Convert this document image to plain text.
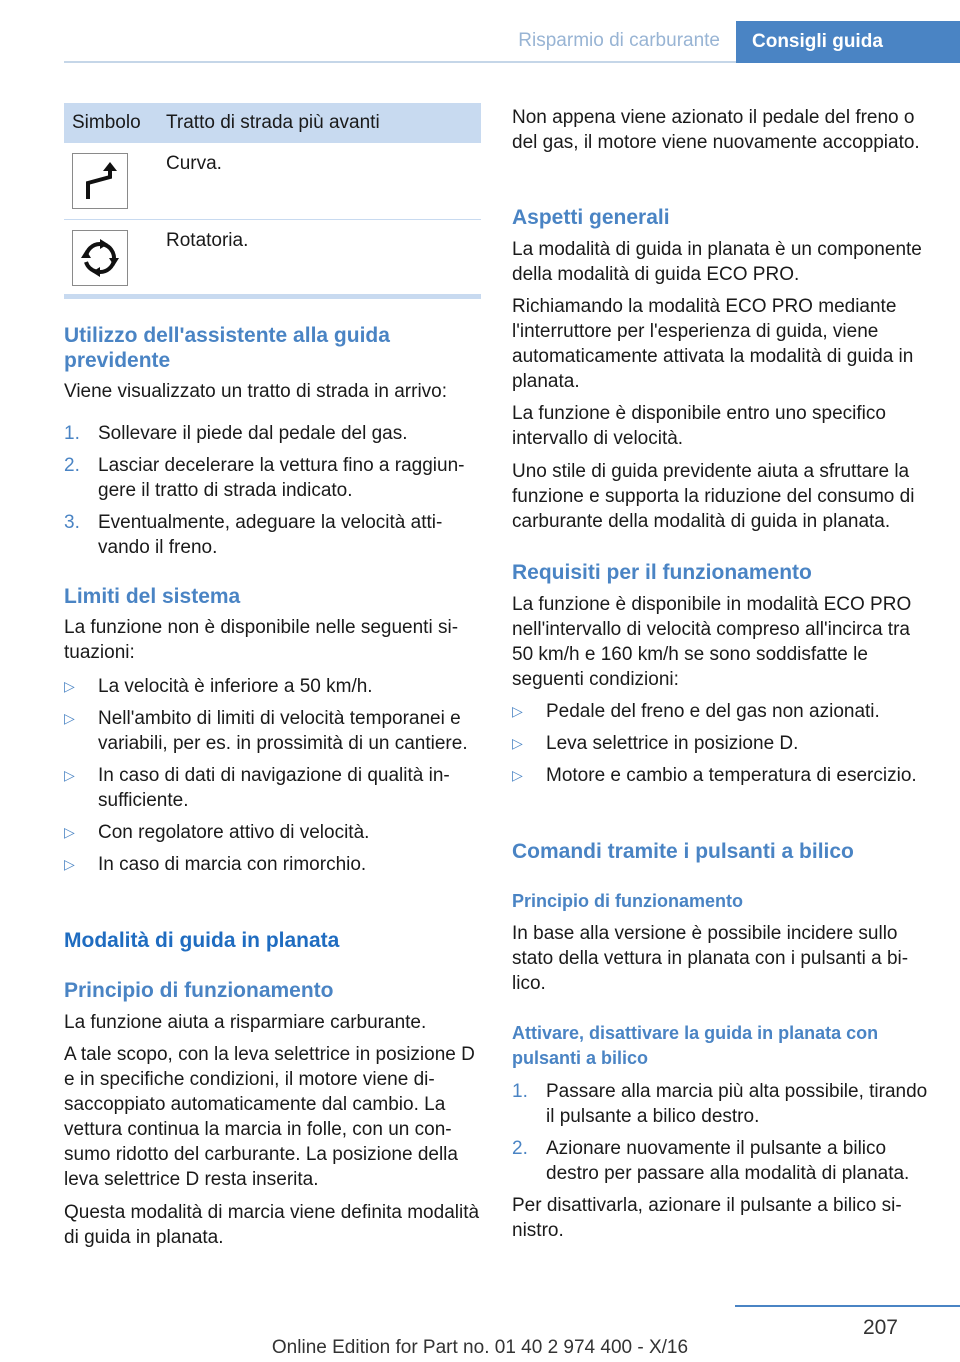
Risparmio di carburante	Consigli guida
Simbolo	Tratto di strada più avanti

	Curva.

	Rotatoria.
Utilizzo dell'assistente alla guida previdente

Viene visualizzato un tratto di strada in arrivo:

1. Sollevare il piede dal pedale del gas.
2. Lasciar decelerare la vettura fino a raggiungere il tratto di strada indicato.
3. Eventualmente, adeguare la velocità attivando il freno.
Limiti del sistema

La funzione non è disponibile nelle seguenti situazioni:

▷	La velocità è inferiore a 50 km/h.
▷	Nell'ambito di limiti di velocità temporanei e variabili, per es. in prossimità di un cantiere.
▷	In caso di dati di navigazione di qualità insufficiente.
▷	Con regolatore attivo di velocità.
▷	In caso di marcia con rimorchio.
Modalità di guida in planata
Principio di funzionamento

La funzione aiuta a risparmiare carburante.

A tale scopo, con la leva selettrice in posizione D e in specifiche condizioni, il motore viene disaccoppiato automaticamente dal cambio. La vettura continua la marcia in folle, con un consumo ridotto del carburante. La posizione della leva selettrice D resta inserita.

Questa modalità di marcia viene definita modalità di guida in planata.

Non appena viene azionato il pedale del freno o del gas, il motore viene nuovamente accoppiato.

Aspetti generali

La modalità di guida in planata è un componente della modalità di guida ECO PRO.

Richiamando la modalità ECO PRO mediante l'interruttore per l'esperienza di guida, viene automaticamente attivata la modalità di guida in planata.

La funzione è disponibile entro uno specifico intervallo di velocità.

Uno stile di guida previdente aiuta a sfruttare la funzione e supporta la riduzione del consumo di carburante della modalità di guida in planata.

Requisiti per il funzionamento

La funzione è disponibile in modalità ECO PRO nell'intervallo di velocità compreso all'incirca tra 50 km/h e 160 km/h se sono soddisfatte le seguenti condizioni:

▷	Pedale del freno e del gas non azionati.
▷	Leva selettrice in posizione D.
▷	Motore e cambio a temperatura di esercizio.
Comandi tramite i pulsanti a bilico
Principio di funzionamento

In base alla versione è possibile incidere sullo stato della vettura in planata con i pulsanti a bilico.

Attivare, disattivare la guida in planata con pulsanti a bilico
1. Passare alla marcia più alta possibile, tirando il pulsante a bilico destro.
2. Azionare nuovamente il pulsante a bilico destro per passare alla modalità di planata.

Per disattivarla, azionare il pulsante a bilico sinistro.

207
Online Edition for Part no. 01 40 2 974 400 - X/16
